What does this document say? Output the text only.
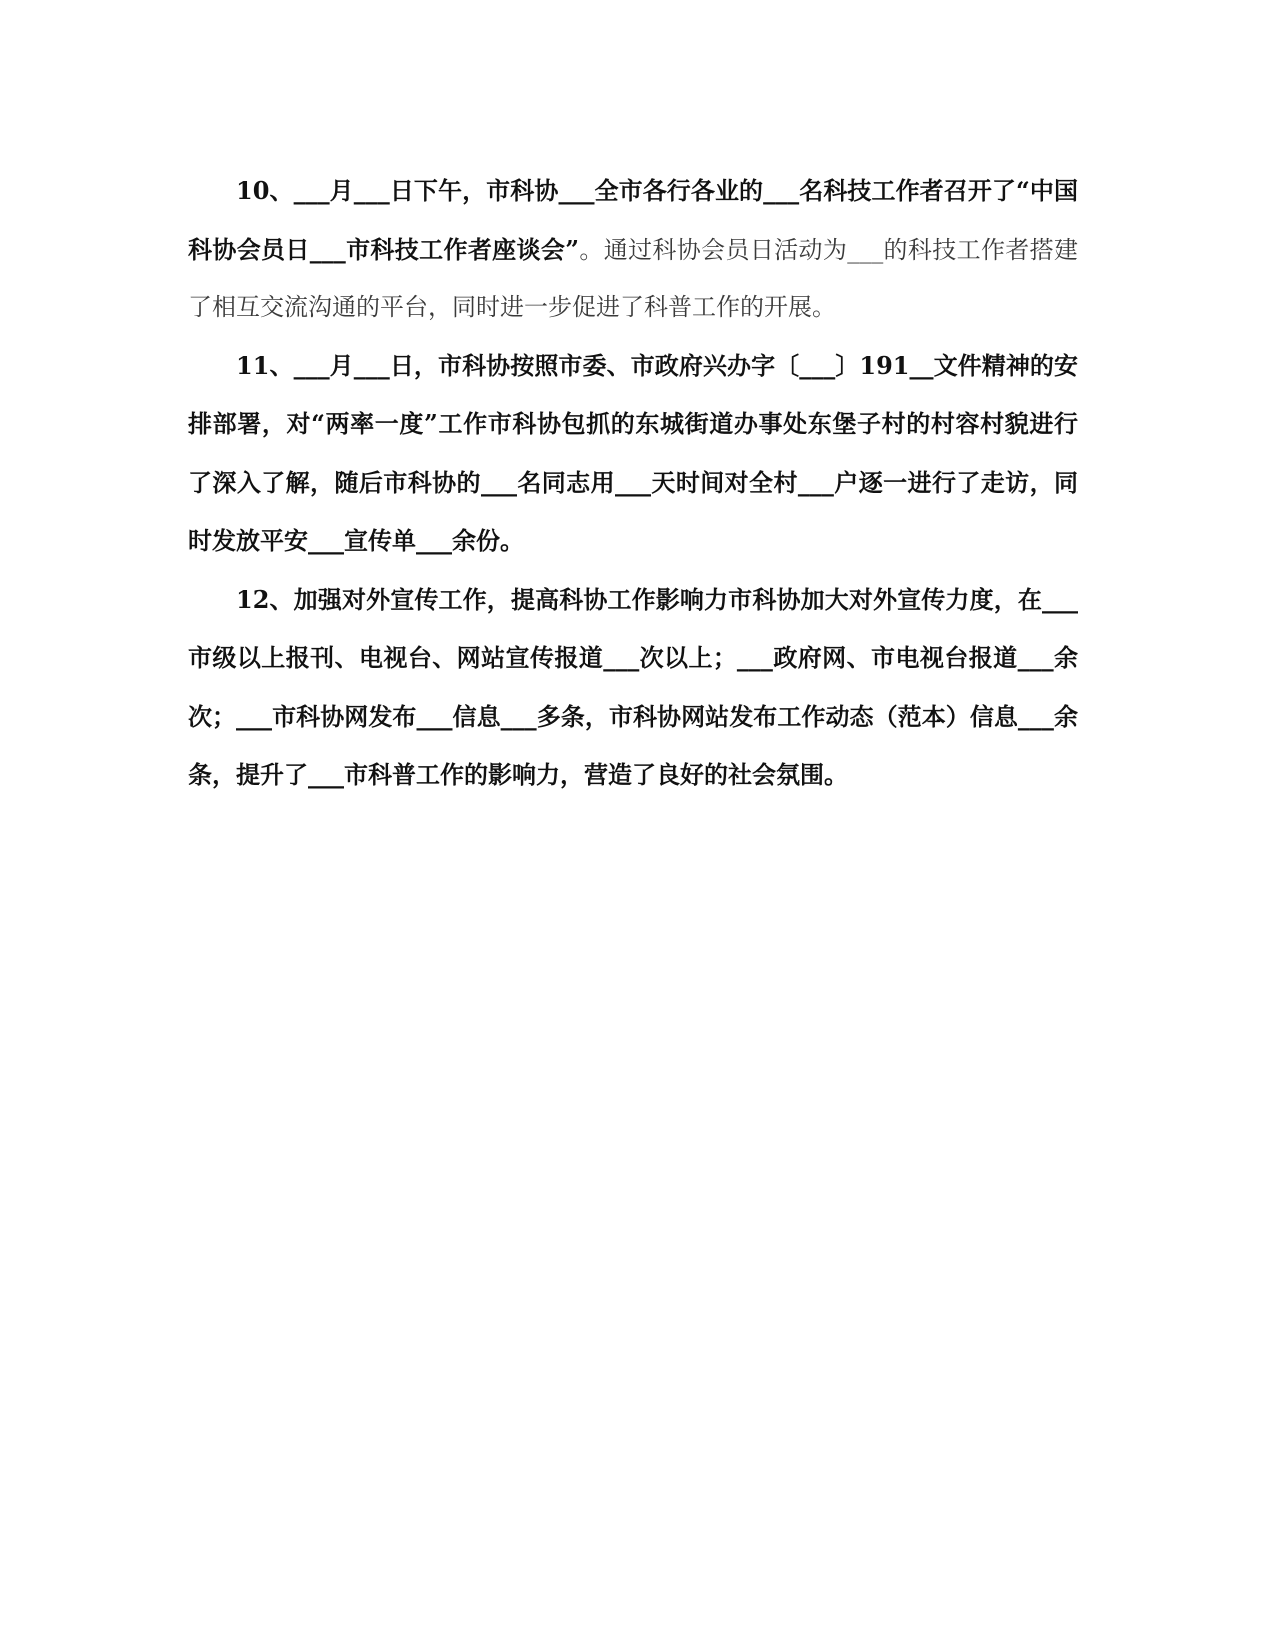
10、___月___日下午，市科协___全市各行各业的___名科技工作者召开了“中国科协会员日___市科技工作者座谈会”。通过科协会员日活动为___的科技工作者搭建了相互交流沟通的平台，同时进一步促进了科普工作的开展。

11、___月___日，市科协按照市委、市政府兴办字〔___〕191__文件精神的安排部署，对“两率一度”工作市科协包抓的东城街道办事处东堡子村的村容村貌进行了深入了解，随后市科协的___名同志用___天时间对全村___户逐一进行了走访，同时发放平安___宣传单___余份。

12、加强对外宣传工作，提高科协工作影响力市科协加大对外宣传力度，在___市级以上报刊、电视台、网站宣传报道___次以上；___政府网、市电视台报道___余次；___市科协网发布___信息___多条，市科协网站发布工作动态（范本）信息___余条，提升了___市科普工作的影响力，营造了良好的社会氛围。
